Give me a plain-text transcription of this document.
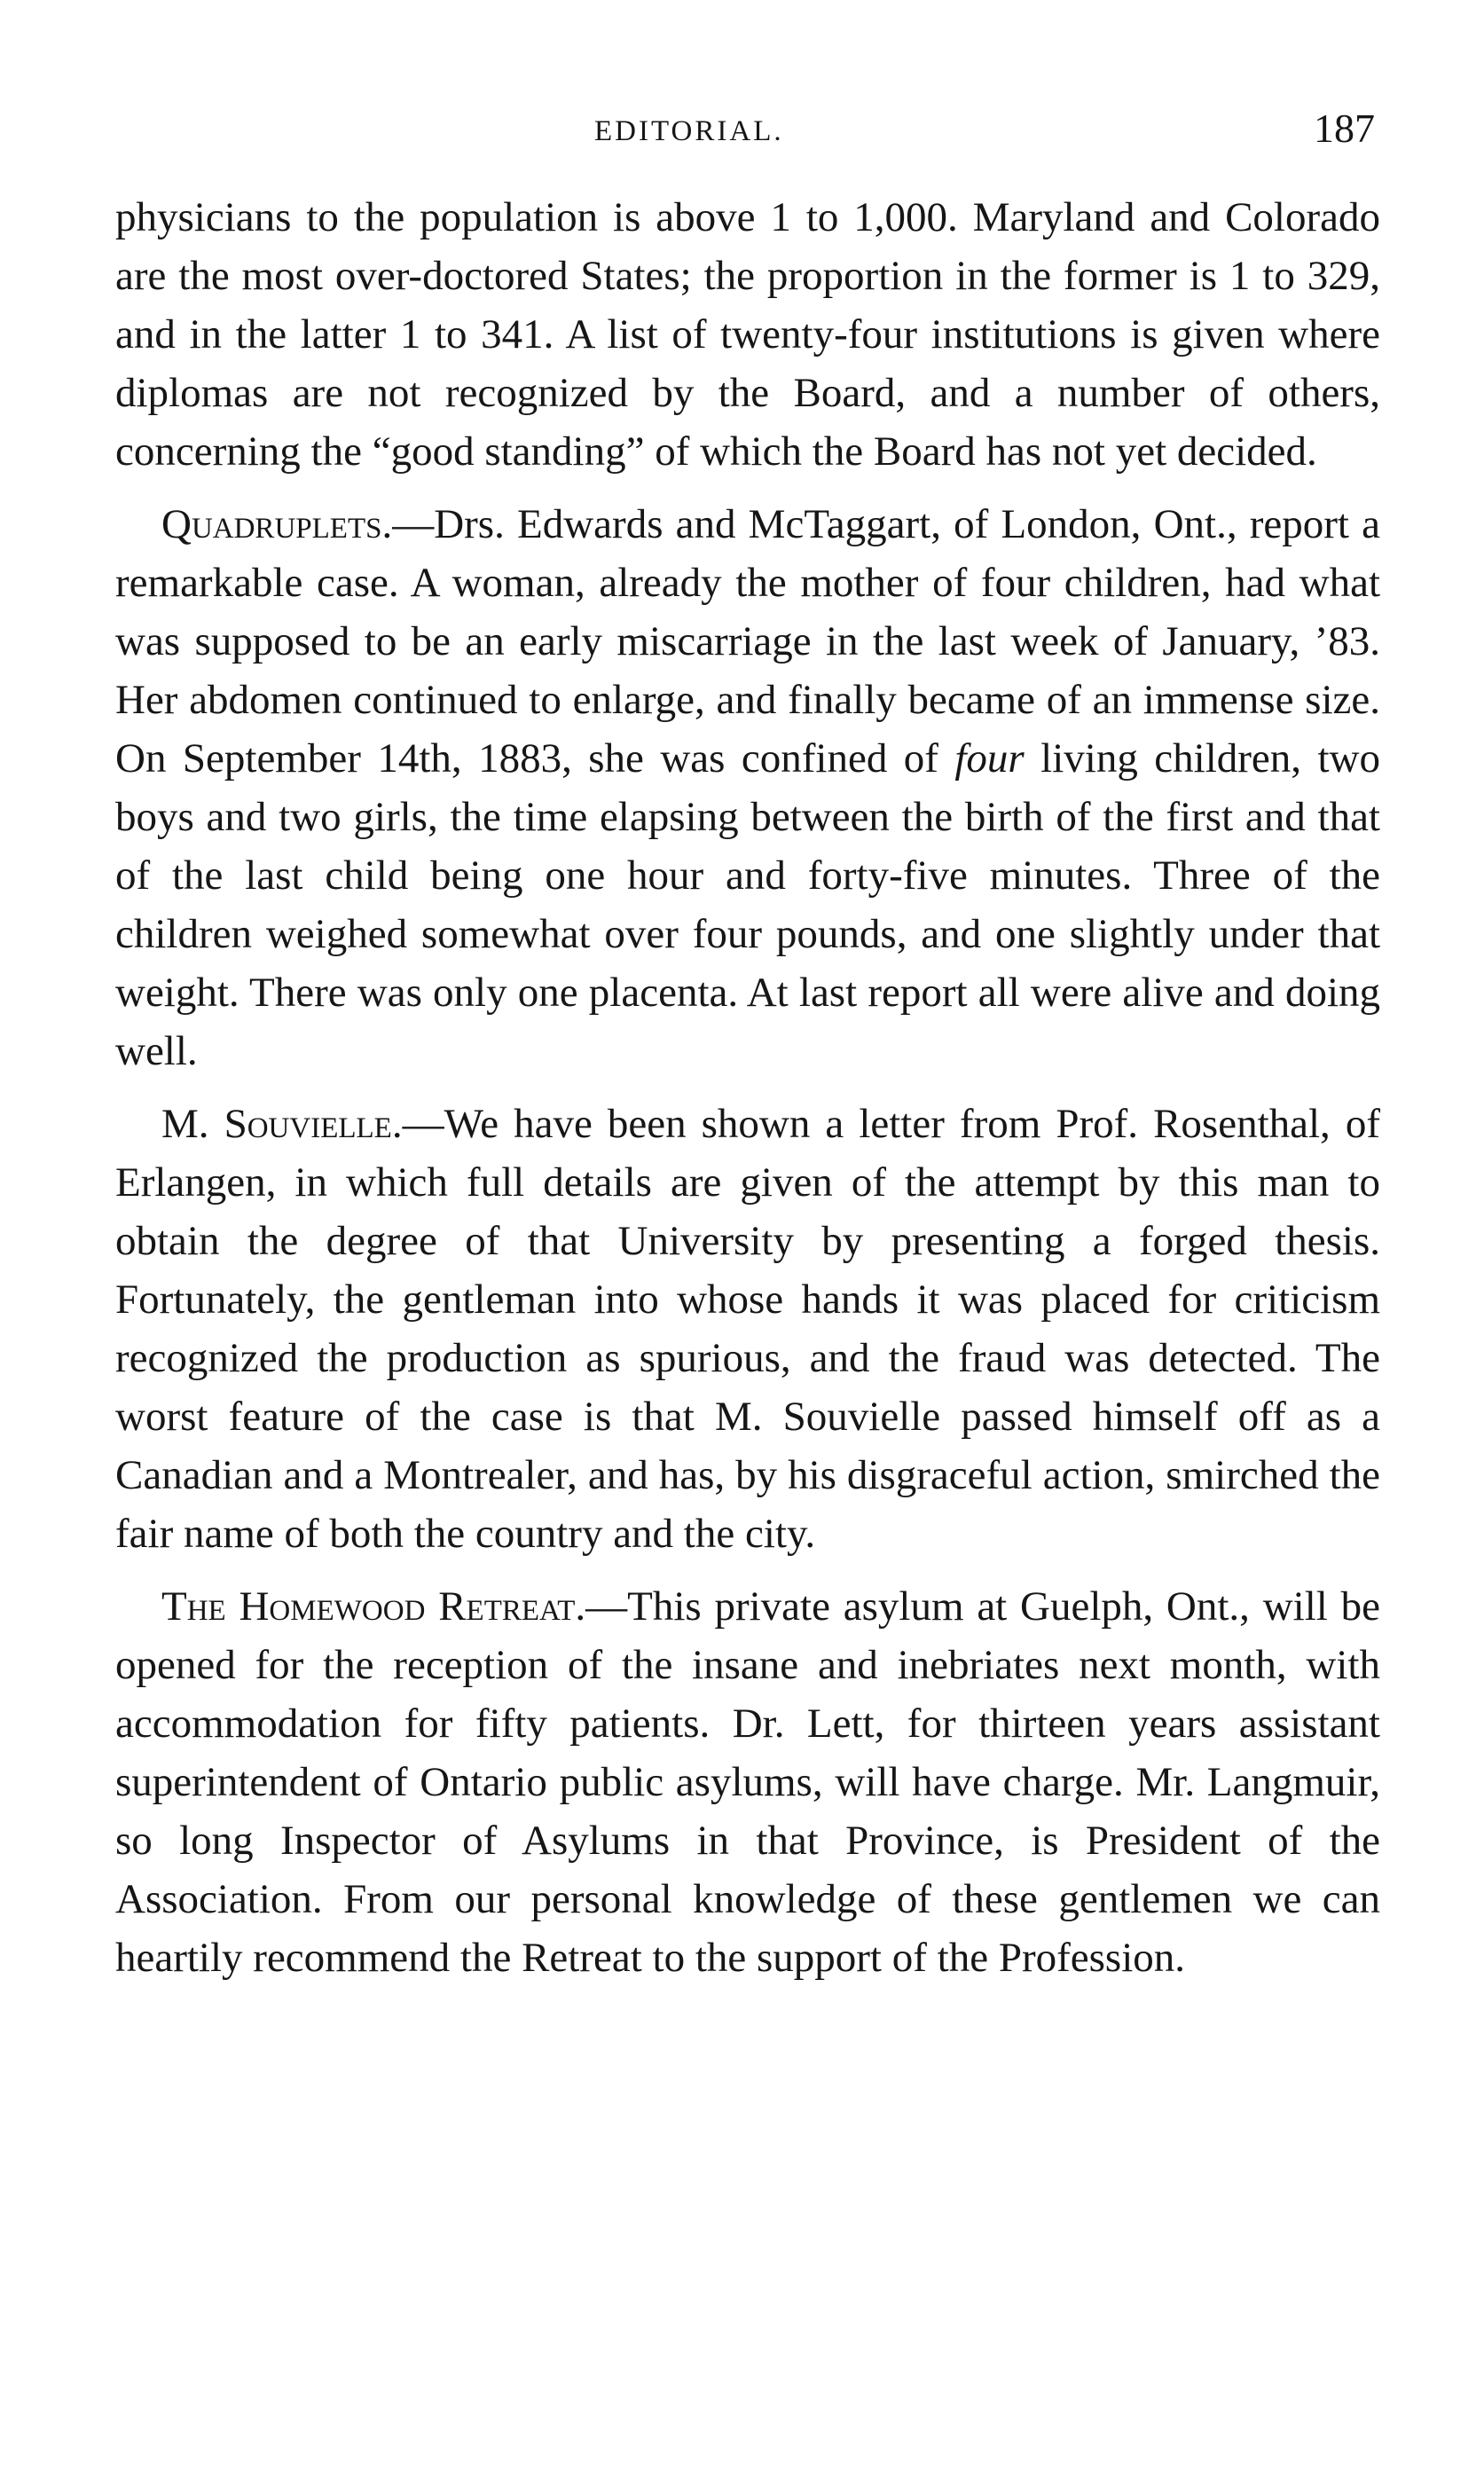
EDITORIAL.	187

physicians to the population is above 1 to 1,000. Maryland and Colorado are the most over-doctored States; the proportion in the former is 1 to 329, and in the latter 1 to 341. A list of twenty-four institutions is given where diplomas are not recognized by the Board, and a number of others, concerning the “good standing” of which the Board has not yet decided.

Quadruplets.—Drs. Edwards and McTaggart, of London, Ont., report a remarkable case. A woman, already the mother of four children, had what was supposed to be an early miscarriage in the last week of January, ’83. Her abdomen continued to enlarge, and finally became of an immense size. On September 14th, 1883, she was confined of four living children, two boys and two girls, the time elapsing between the birth of the first and that of the last child being one hour and forty-five minutes. Three of the children weighed somewhat over four pounds, and one slightly under that weight. There was only one placenta. At last report all were alive and doing well.

M. Souvielle.—We have been shown a letter from Prof. Rosenthal, of Erlangen, in which full details are given of the attempt by this man to obtain the degree of that University by presenting a forged thesis. Fortunately, the gentleman into whose hands it was placed for criticism recognized the production as spurious, and the fraud was detected. The worst feature of the case is that M. Souvielle passed himself off as a Canadian and a Montrealer, and has, by his disgraceful action, smirched the fair name of both the country and the city.

The Homewood Retreat.—This private asylum at Guelph, Ont., will be opened for the reception of the insane and inebriates next month, with accommodation for fifty patients. Dr. Lett, for thirteen years assistant superintendent of Ontario public asylums, will have charge. Mr. Langmuir, so long Inspector of Asylums in that Province, is President of the Association. From our personal knowledge of these gentlemen we can heartily recommend the Retreat to the support of the Profession.
